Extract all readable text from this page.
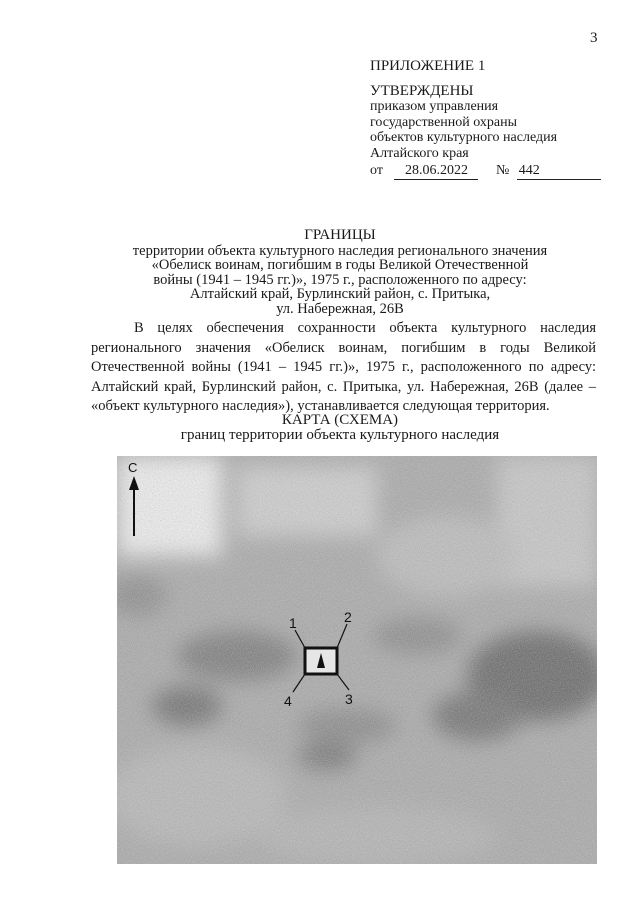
3
ПРИЛОЖЕНИЕ 1
УТВЕРЖДЕНЫ
приказом управления
государственной охраны
объектов культурного наследия
Алтайского края
от 28.06.2022 № 442
ГРАНИЦЫ
территории объекта культурного наследия регионального значения
«Обелиск воинам, погибшим в годы Великой Отечественной
войны (1941 – 1945 гг.)», 1975 г., расположенного по адресу:
Алтайский край, Бурлинский район, с. Притыка,
ул. Набережная, 26В

В целях обеспечения сохранности объекта культурного наследия регионального значения «Обелиск воинам, погибшим в годы Великой Отечественной войны (1941 – 1945 гг.)», 1975 г., расположенного по адресу: Алтайский край, Бурлинский район, с. Притыка, ул. Набережная, 26В (далее – «объект культурного наследия»), устанавливается следующая территория.

КАРТА (СХЕМА)
границ территории объекта культурного наследия
С
1	2
3
4
